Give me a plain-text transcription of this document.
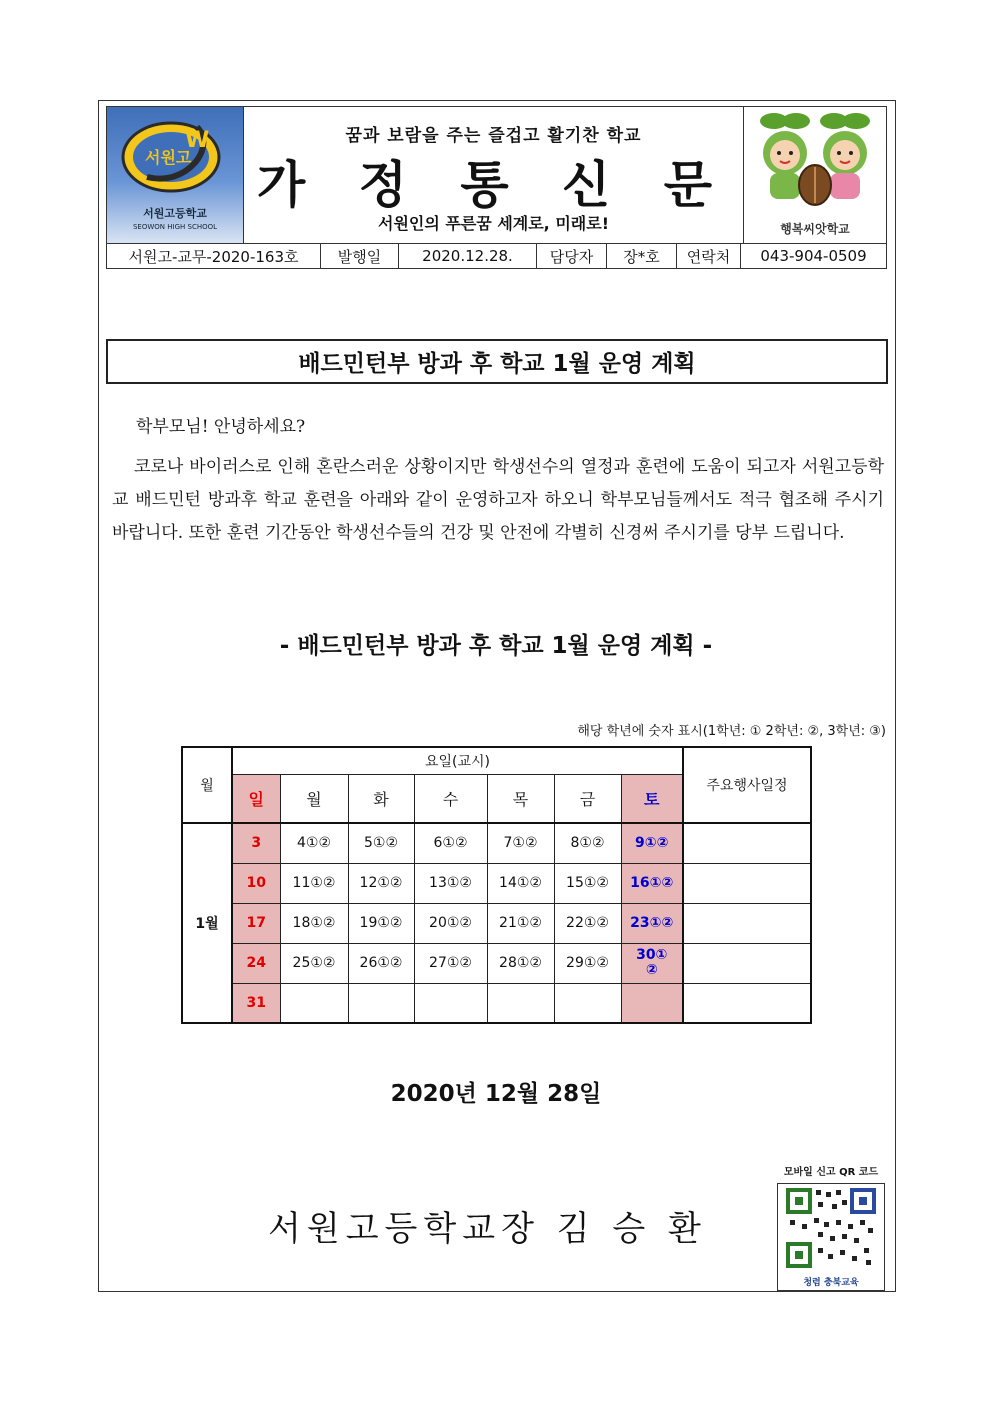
서원고
W
서원고등학교
SEOWON HIGH SCHOOL
꿈과 보람을 주는 즐겁고 활기찬 학교
가 정 통 신 문
서원인의 푸른꿈 세계로, 미래로!	행복씨앗학교
서원고-교무-2020-163호	발행일	2020.12.28.	담당자	장*호	연락처	043-904-0509
배드민턴부 방과 후 학교 1월 운영 계획
학부모님! 안녕하세요?
코로나 바이러스로 인해 혼란스러운 상황이지만 학생선수의 열정과 훈련에 도움이 되고자 서원고등학교 배드민턴 방과후 학교 훈련을 아래와 같이 운영하고자 하오니 학부모님들께서도 적극 협조해 주시기 바랍니다. 또한 훈련 기간동안 학생선수들의 건강 및 안전에 각별히 신경써 주시기를 당부 드립니다.
- 배드민턴부 방과 후 학교 1월 운영 계획 -
해당 학년에 숫자 표시(1학년: ① 2학년: ②, 3학년: ③)
월	요일(교시)							주요행사일정
	일	월	화	수	목	금	토	
1월	3	4①②	5①②	6①②	7①②	8①②	9①②	
	10	11①②	12①②	13①②	14①②	15①②	16①②	
	17	18①②	19①②	20①②	21①②	22①②	23①②	
	24	25①②	26①②	27①②	28①②	29①②	30①
②	
	31							
2020년 12월 28일
모바일 신고 QR 코드
청렴 충북교육
서원고등학교장 김 승 환
